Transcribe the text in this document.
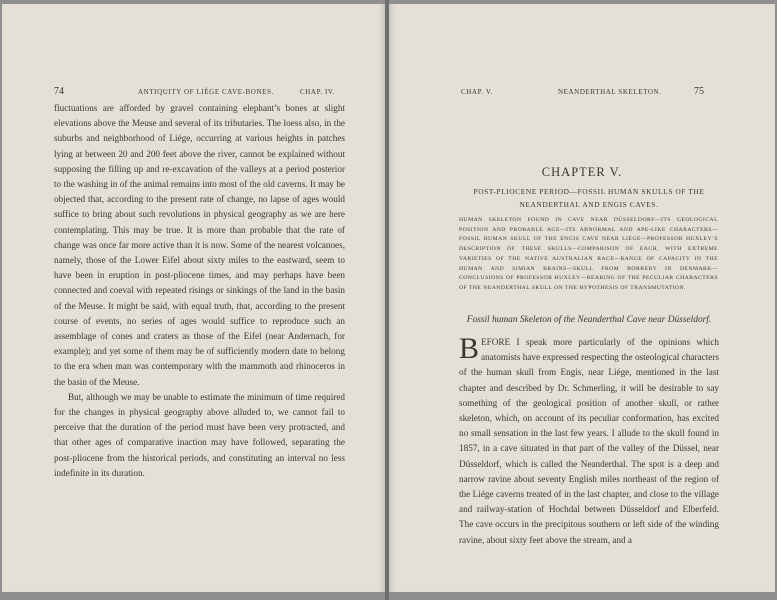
74	ANTIQUITY OF LIÉGE CAVE-BONES.	CHAP. IV.

fluctuations are afforded by gravel containing elephant’s bones at slight elevations above the Meuse and several of its tributaries. The loess also, in the suburbs and neighborhood of Liége, occurring at various heights in patches lying at between 20 and 200 feet above the river, cannot be explained without supposing the filling up and re-excavation of the valleys at a period posterior to the washing in of the animal remains into most of the old caverns. It may be objected that, according to the present rate of change, no lapse of ages would suffice to bring about such revolutions in physical geography as we are here contemplating. This may be true. It is more than probable that the rate of change was once far more active than it is now. Some of the nearest volcanoes, namely, those of the Lower Eifel about sixty miles to the eastward, seem to have been in eruption in post-pliocene times, and may perhaps have been connected and coeval with repeated risings or sinkings of the land in the basin of the Meuse. It might be said, with equal truth, that, according to the present course of events, no series of ages would suffice to reproduce such an assemblage of cones and craters as those of the Eifel (near Andernach, for example); and yet some of them may be of sufficiently modern date to belong to the era when man was contemporary with the mammoth and rhinoceros in the basin of the Meuse.

But, although we may be unable to estimate the minimum of time required for the changes in physical geography above alluded to, we cannot fail to perceive that the duration of the period must have been very protracted, and that other ages of comparative inaction may have followed, separating the post-pliocene from the historical periods, and constituting an interval no less indefinite in its duration.

CHAP. V.	NEANDERTHAL SKELETON.	75
CHAPTER V.
POST-PLIOCENE PERIOD—FOSSIL HUMAN SKULLS OF THE NEANDERTHAL AND ENGIS CAVES.
HUMAN SKELETON FOUND IN CAVE NEAR DÜSSELDORF—ITS GEOLOGICAL POSITION AND PROBABLE AGE—ITS ABNORMAL AND APE-LIKE CHARACTERS—FOSSIL HUMAN SKULL OF THE ENGIS CAVE NEAR LIÉGE—PROFESSOR HUXLEY’S DESCRIPTION OF THESE SKULLS—COMPARISON OF EACH, WITH EXTREME VARIETIES OF THE NATIVE AUSTRALIAN RACE—RANGE OF CAPACITY IN THE HUMAN AND SIMIAN BRAINS—SKULL FROM BORREBY IN DENMARK—CONCLUSIONS OF PROFESSOR HUXLEY—BEARING OF THE PECULIAR CHARACTERS OF THE NEANDERTHAL SKULL ON THE HYPOTHESIS OF TRANSMUTATION.
Fossil human Skeleton of the Neanderthal Cave near Düsseldorf.

BEFORE I speak more particularly of the opinions which anatomists have expressed respecting the osteological characters of the human skull from Engis, near Liége, mentioned in the last chapter and described by Dr. Schmerling, it will be desirable to say something of the geological position of another skull, or rather skeleton, which, on account of its peculiar conformation, has excited no small sensation in the last few years. I allude to the skull found in 1857, in a cave situated in that part of the valley of the Düssel, near Düsseldorf, which is called the Neanderthal. The spot is a deep and narrow ravine about seventy English miles northeast of the region of the Liége caverns treated of in the last chapter, and close to the village and railway-station of Hochdal between Düsseldorf and Elberfeld. The cave occurs in the precipitous southern or left side of the winding ravine, about sixty feet above the stream, and a
